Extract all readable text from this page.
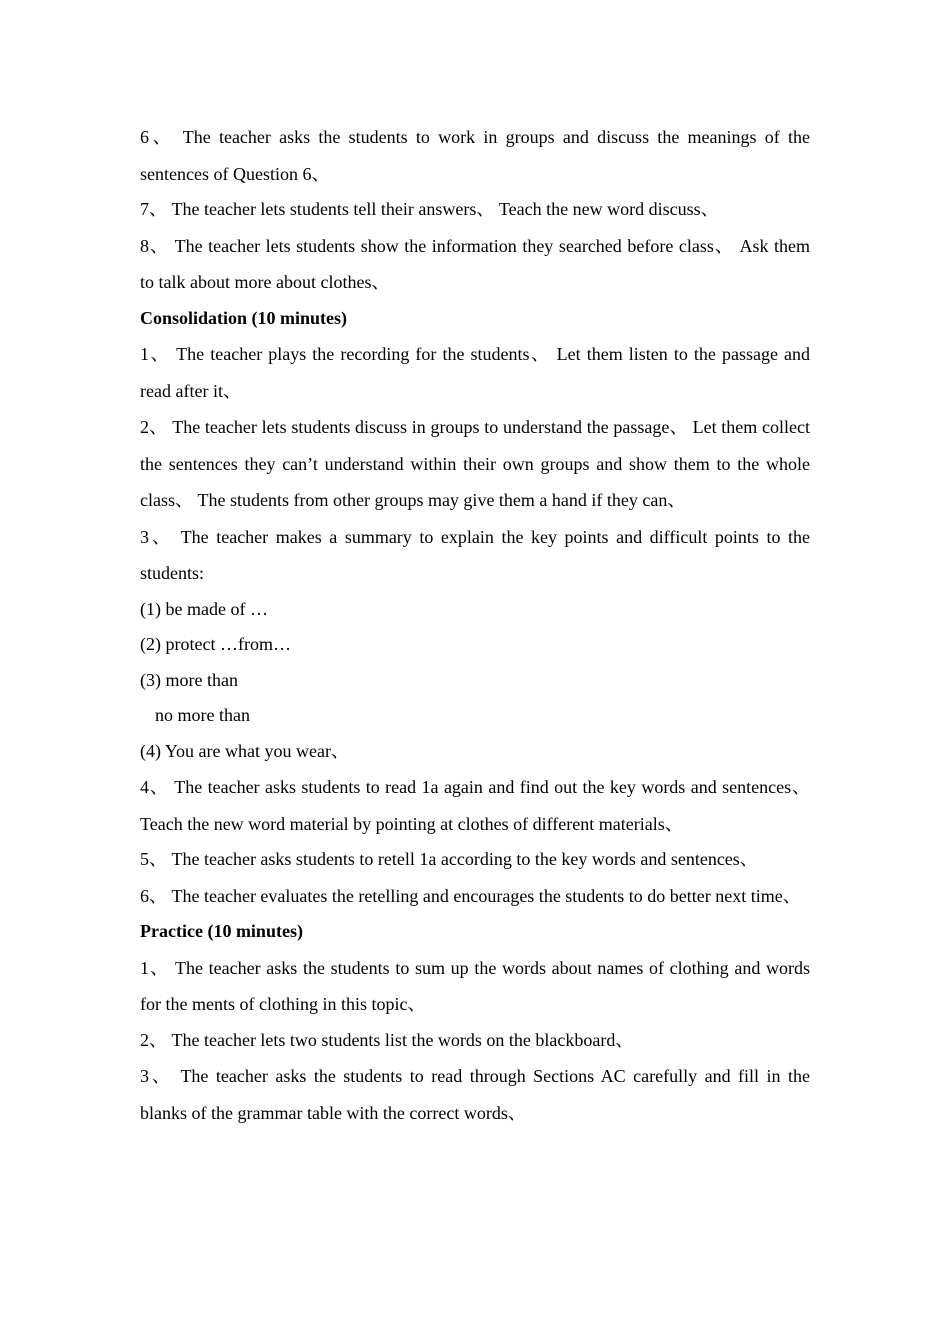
6、 The teacher asks the students to work in groups and discuss the meanings of the sentences of Question 6、

7、 The teacher lets students tell their answers、 Teach the new word discuss、

8、 The teacher lets students show the information they searched before class、 Ask them to talk about more about clothes、

Consolidation (10 minutes)

1、 The teacher plays the recording for the students、 Let them listen to the passage and read after it、

2、 The teacher lets students discuss in groups to understand the passage、 Let them collect the sentences they can’t understand within their own groups and show them to the whole class、 The students from other groups may give them a hand if they can、

3、 The teacher makes a summary to explain the key points and difficult points to the students:

(1) be made of …

(2) protect …from…

(3) more than

no more than

(4) You are what you wear、

4、 The teacher asks students to read 1a again and find out the key words and sentences、 Teach the new word material by pointing at clothes of different materials、

5、 The teacher asks students to retell 1a according to the key words and sentences、

6、 The teacher evaluates the retelling and encourages the students to do better next time、

Practice (10 minutes)

1、 The teacher asks the students to sum up the words about names of clothing and words for the ments of clothing in this topic、

2、 The teacher lets two students list the words on the blackboard、

3、 The teacher asks the students to read through Sections AC carefully and fill in the blanks of the grammar table with the correct words、
